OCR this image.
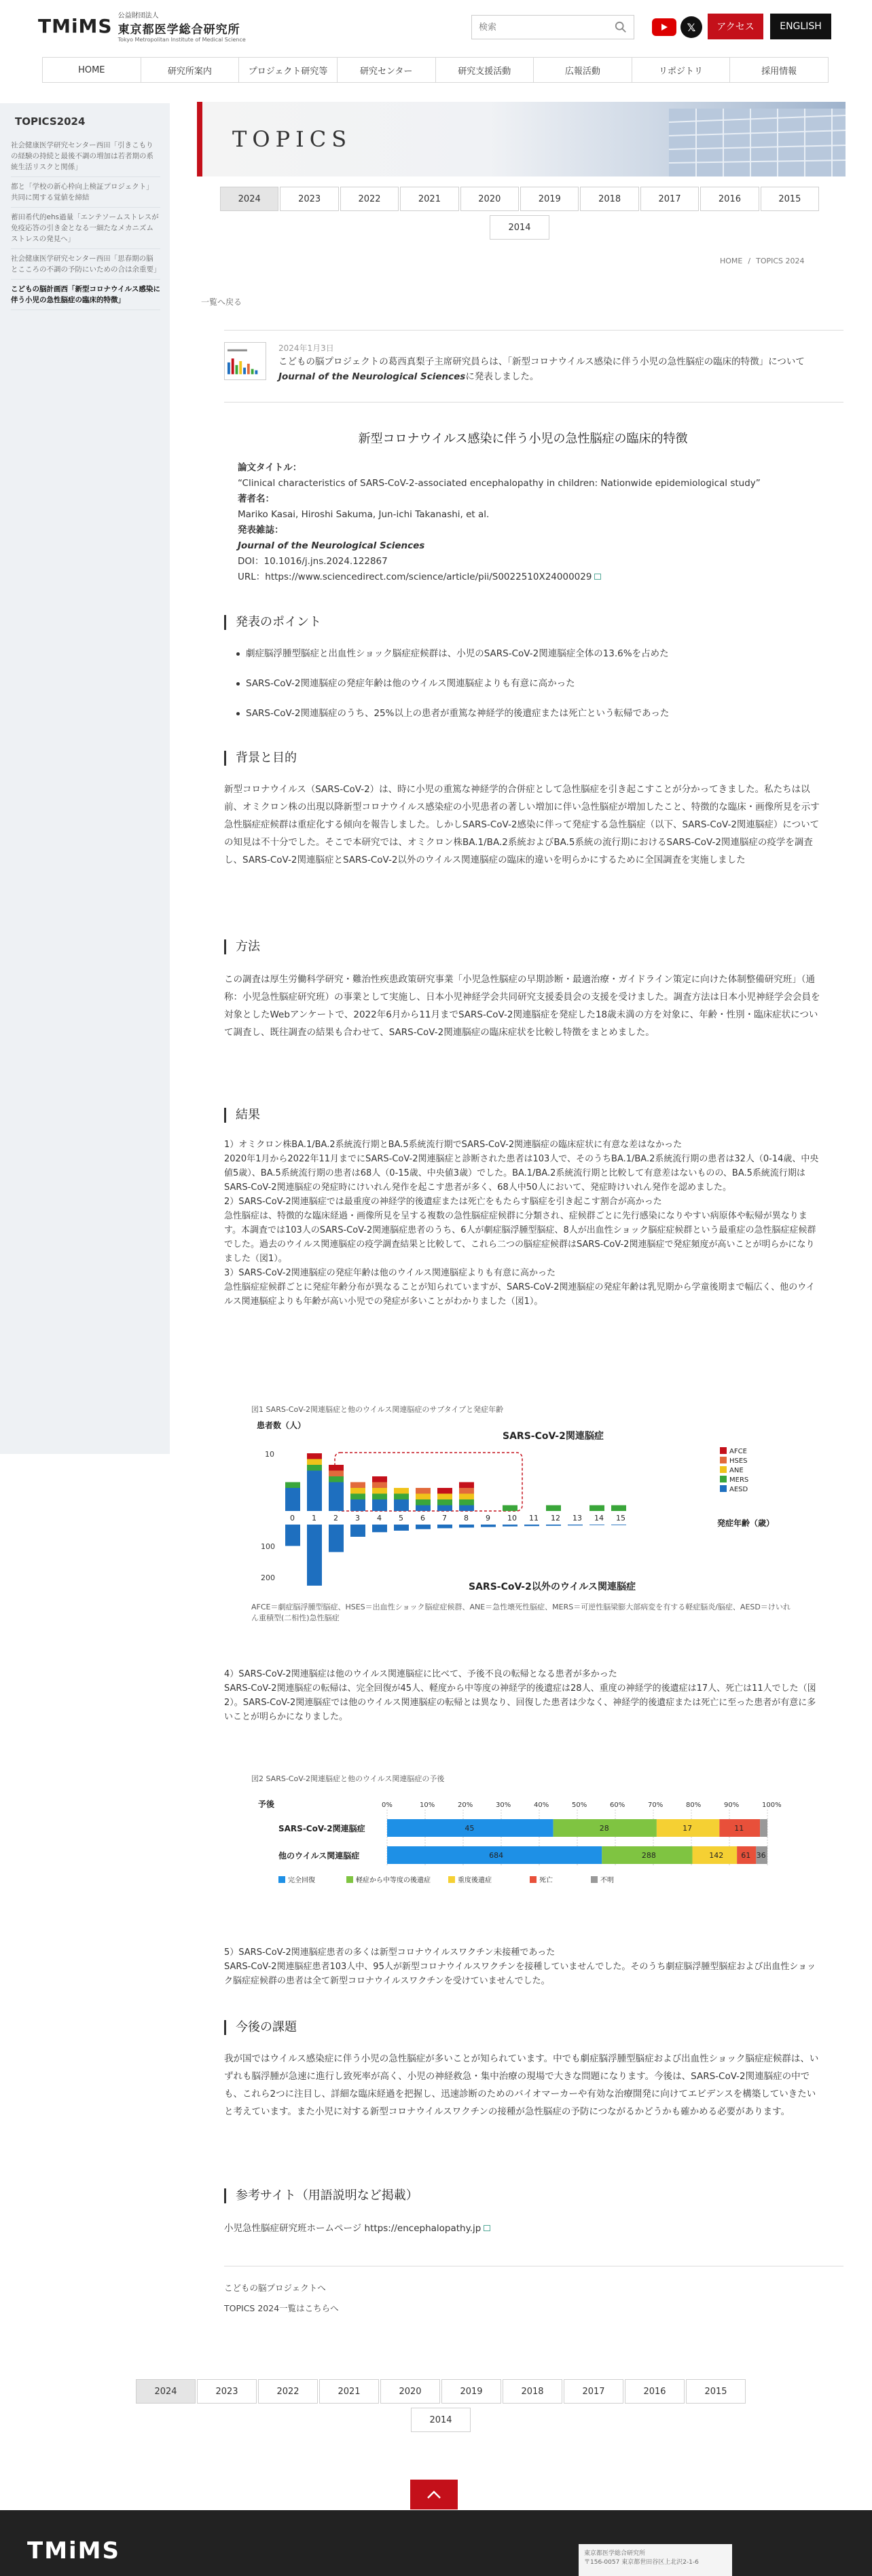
TMiMS 公益財団法人
東京都医学総合研究所
Tokyo Metropolitan Institute of Medical Science
検索
𝕏	アクセス	ENGLISH
HOME	研究所案内	プロジェクト研究等	研究センター	研究支援活動	広報活動	リポジトリ	採用情報
TOPICS2024
社会健康医学研究センター西田「引きこもりの経験の持続と最後不調の増加は若者期の系統生活リスクと関係」
都と「学校の新心枠向上検証プロジェクト」共同に関する覚値を締結
蓄田希代的ehs過量「エンテソームストレスが免疫応答の引き金となる一細たなメカニズムストレスの発見へ」
社会健康医学研究センター西田「思春期の脳とこころの不調の予防にいための合は余重要」
こどもの脳計画西「新型コロナウイルス感染に伴う小児の急性脳症の臨床的特徴」
TOPICS
2024	2023	2022	2021	2020	2019	2018	2017	2016	2015
2014
HOME / TOPICS 2024
一覧へ戻る
2024年1月3日
こどもの脳プロジェクトの葛西真梨子主席研究員らは、「新型コロナウイルス感染に伴う小児の急性脳症の臨床的特徴」について Journal of the Neurological Sciencesに発表しました。
新型コロナウイルス感染に伴う小児の急性脳症の臨床的特徴
論文タイトル：
“Clinical characteristics of SARS-CoV-2-associated encephalopathy in children: Nationwide epidemiological study”
著者名：
Mariko Kasai, Hiroshi Sakuma, Jun-ichi Takanashi, et al.
発表雑誌：
Journal of the Neurological Sciences
DOI：10.1016/j.jns.2024.122867
URL：https://www.sciencedirect.com/science/article/pii/S0022510X24000029
発表のポイント
劇症脳浮腫型脳症と出血性ショック脳症症候群は、小児のSARS-CoV-2関連脳症全体の13.6%を占めた
SARS-CoV-2関連脳症の発症年齢は他のウイルス関連脳症よりも有意に高かった
SARS-CoV-2関連脳症のうち、25%以上の患者が重篤な神経学的後遺症または死亡という転帰であった
背景と目的
新型コロナウイルス（SARS-CoV-2）は、時に小児の重篤な神経学的合併症として急性脳症を引き起こすことが分かってきました。私たちは以前、オミクロン株の出現以降新型コロナウイルス感染症の小児患者の著しい増加に伴い急性脳症が増加したこと、特徴的な臨床・画像所見を示す急性脳症症候群は重症化する傾向を報告しました。しかしSARS-CoV-2感染に伴って発症する急性脳症（以下、SARS-CoV-2関連脳症）についての知見は不十分でした。そこで本研究では、オミクロン株BA.1/BA.2系統およびBA.5系統の流行期におけるSARS-CoV-2関連脳症の疫学を調査し、SARS-CoV-2関連脳症とSARS-CoV-2以外のウイルス関連脳症の臨床的違いを明らかにするために全国調査を実施しました
方法
この調査は厚生労働科学研究・難治性疾患政策研究事業「小児急性脳症の早期診断・最適治療・ガイドライン策定に向けた体制整備研究班」（通称：小児急性脳症研究班）の事業として実施し、日本小児神経学会共同研究支援委員会の支援を受けました。調査方法は日本小児神経学会会員を対象としたWebアンケートで、2022年6月から11月までSARS-CoV-2関連脳症を発症した18歳未満の方を対象に、年齢・性別・臨床症状について調査し、既往調査の結果も合わせて、SARS-CoV-2関連脳症の臨床症状を比較し特徴をまとめました。
結果
1）オミクロン株BA.1/BA.2系統流行期とBA.5系統流行期でSARS-CoV-2関連脳症の臨床症状に有意な差はなかった
2020年1月から2022年11月までにSARS-CoV-2関連脳症と診断された患者は103人で、そのうちBA.1/BA.2系統流行期の患者は32人（0-14歳、中央値5歳）、BA.5系統流行期の患者は68人（0-15歳、中央値3歳）でした。BA.1/BA.2系統流行期と比較して有意差はないものの、BA.5系統流行期はSARS-CoV-2関連脳症の発症時にけいれん発作を起こす患者が多く、68人中50人において、発症時けいれん発作を認めました。
2）SARS-CoV-2関連脳症では最重度の神経学的後遺症または死亡をもたらす脳症を引き起こす割合が高かった
急性脳症は、特徴的な臨床経過・画像所見を呈する複数の急性脳症症候群に分類され、症候群ごとに先行感染になりやすい病原体や転帰が異なります。本調査では103人のSARS-CoV-2関連脳症患者のうち、6人が劇症脳浮腫型脳症、8人が出血性ショック脳症症候群という最重症の急性脳症症候群でした。過去のウイルス関連脳症の疫学調査結果と比較して、これら二つの脳症症候群はSARS-CoV-2関連脳症で発症頻度が高いことが明らかになりました（図1）。
3）SARS-CoV-2関連脳症の発症年齢は他のウイルス関連脳症よりも有意に高かった
急性脳症症候群ごとに発症年齢分布が異なることが知られていますが、SARS-CoV-2関連脳症の発症年齢は乳児期から学童後期まで幅広く、他のウイルス関連脳症よりも年齢が高い小児での発症が多いことがわかりました（図1）。
図1 SARS-CoV-2関連脳症と他のウイルス関連脳症のサブタイプと発症年齢
患者数（人）
SARS-CoV-2関連脳症
SARS-CoV-2以外のウイルス関連脳症
発症年齢（歳）
10
100
200
0 1 2 3 4 5 6 7 8 9 10 11 12 13 14 15
AFCE
HSES
ANE
MERS
AESD
AFCE＝劇症脳浮腫型脳症、HSES＝出血性ショック脳症症候群、ANE＝急性壊死性脳症、MERS＝可逆性脳梁膨大部病変を有する軽症脳炎/脳症、AESD＝けいれん重積型(二相性)急性脳症
4）SARS-CoV-2関連脳症は他のウイルス関連脳症に比べて、予後不良の転帰となる患者が多かった
SARS-CoV-2関連脳症の転帰は、完全回復が45人、軽度から中等度の神経学的後遺症は28人、重度の神経学的後遺症は17人、死亡は11人でした（図2）。SARS-CoV-2関連脳症では他のウイルス関連脳症の転帰とは異なり、回復した患者は少なく、神経学的後遺症または死亡に至った患者が有意に多いことが明らかになりました。
図2 SARS-CoV-2関連脳症と他のウイルス関連脳症の予後
予後	0%	10%	20%	30%	40%	50%	60%	70%	80%	90%	100%
SARS-CoV-2関連脳症
他のウイルス関連脳症
45	28	17	11
684	288	142 61 36
完全回復	軽症から中等度の後遺症	重度後遺症	死亡	不明
5）SARS-CoV-2関連脳症患者の多くは新型コロナウイルスワクチン未接種であった
SARS-CoV-2関連脳症患者103人中、95人が新型コロナウイルスワクチンを接種していませんでした。そのうち劇症脳浮腫型脳症および出血性ショック脳症症候群の患者は全て新型コロナウイルスワクチンを受けていませんでした。
今後の課題
我が国ではウイルス感染症に伴う小児の急性脳症が多いことが知られています。中でも劇症脳浮腫型脳症および出血性ショック脳症症候群は、いずれも脳浮腫が急速に進行し致死率が高く、小児の神経救急・集中治療の現場で大きな問題になります。今後は、SARS-CoV-2関連脳症の中でも、これら2つに注目し、詳細な臨床経過を把握し、迅速診断のためのバイオマーカーや有効な治療開発に向けてエビデンスを構築していきたいと考えています。また小児に対する新型コロナウイルスワクチンの接種が急性脳症の予防につながるかどうかも確かめる必要があります。
参考サイト（用語説明など掲載）
小児急性脳症研究班ホームページ https://encephalopathy.jp
こどもの脳プロジェクトへ
TOPICS 2024一覧はこちらへ
2024	2023	2022	2021	2020	2019	2018	2017	2016	2015
2014
TMiMS	東京都医学総合研究所
〒156-0057 東京都世田谷区上北沢2-1-6
